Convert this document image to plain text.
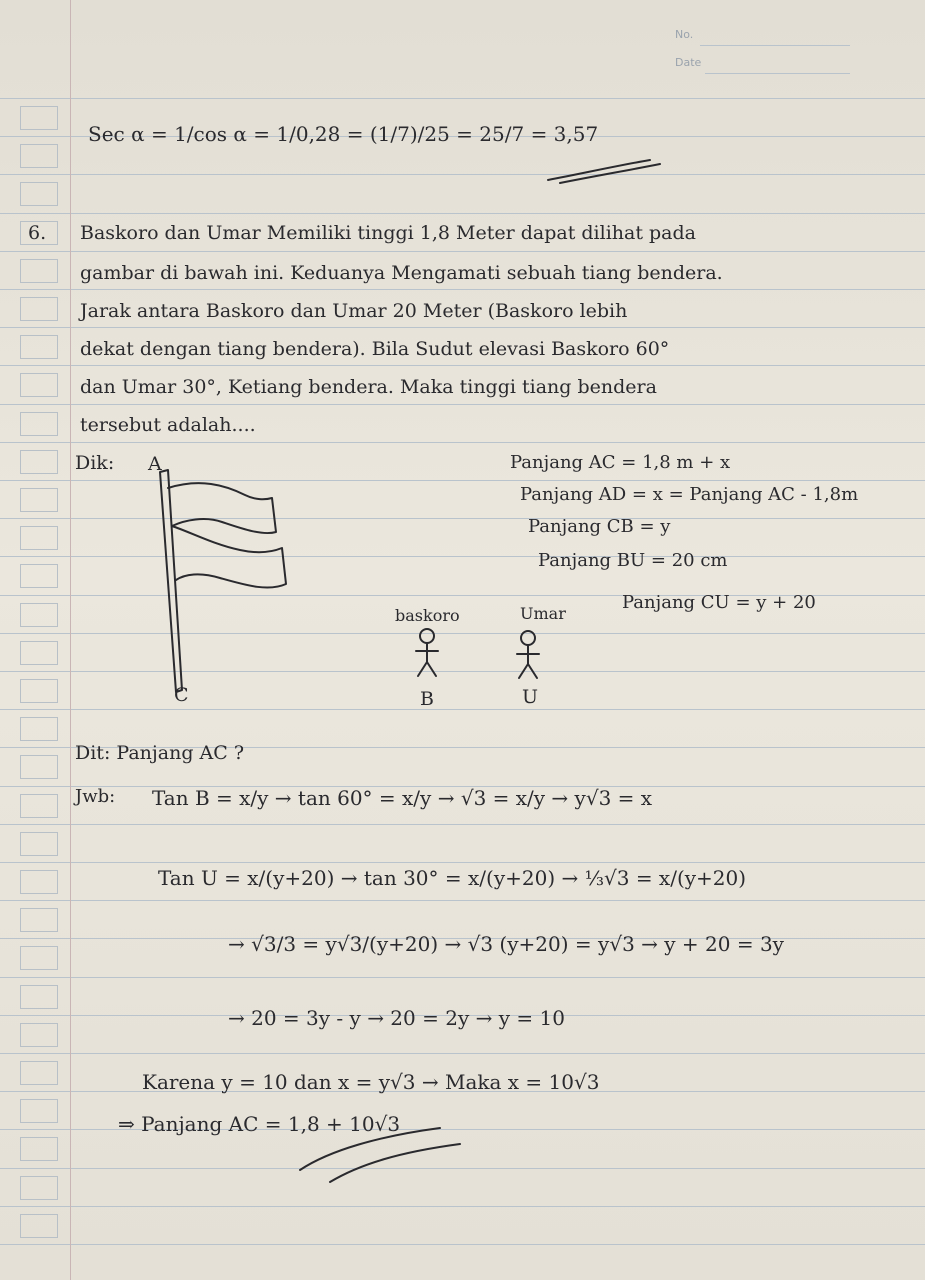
No.
Date
Sec α = 1/cos α = 1/0,28 = (1/7)/25 = 25/7 = 3,57
6. Baskoro dan Umar Memiliki tinggi 1,8 Meter dapat dilihat pada
gambar di bawah ini. Keduanya Mengamati sebuah tiang bendera.
Jarak antara Baskoro dan Umar 20 Meter (Baskoro lebih
dekat dengan tiang bendera). Bila Sudut elevasi Baskoro 60°
dan Umar 30°, Ketiang bendera. Maka tinggi tiang bendera
tersebut adalah....
Dik: A
C
baskoro	Umar
B	U
Panjang AC = 1,8 m + x
Panjang AD = x = Panjang AC - 1,8m
Panjang CB = y
Panjang BU = 20 cm
Panjang CU = y + 20
Dit: Panjang AC ?
Jwb: Tan B = x/y → tan 60° = x/y → √3 = x/y → y√3 = x
Tan U = x/(y+20) → tan 30° = x/(y+20) → ⅓√3 = x/(y+20)
→ √3/3 = y√3/(y+20) → √3 (y+20) = y√3 → y + 20 = 3y
→ 20 = 3y - y → 20 = 2y → y = 10
Karena y = 10 dan x = y√3 → Maka x = 10√3
⇒ Panjang AC = 1,8 + 10√3
